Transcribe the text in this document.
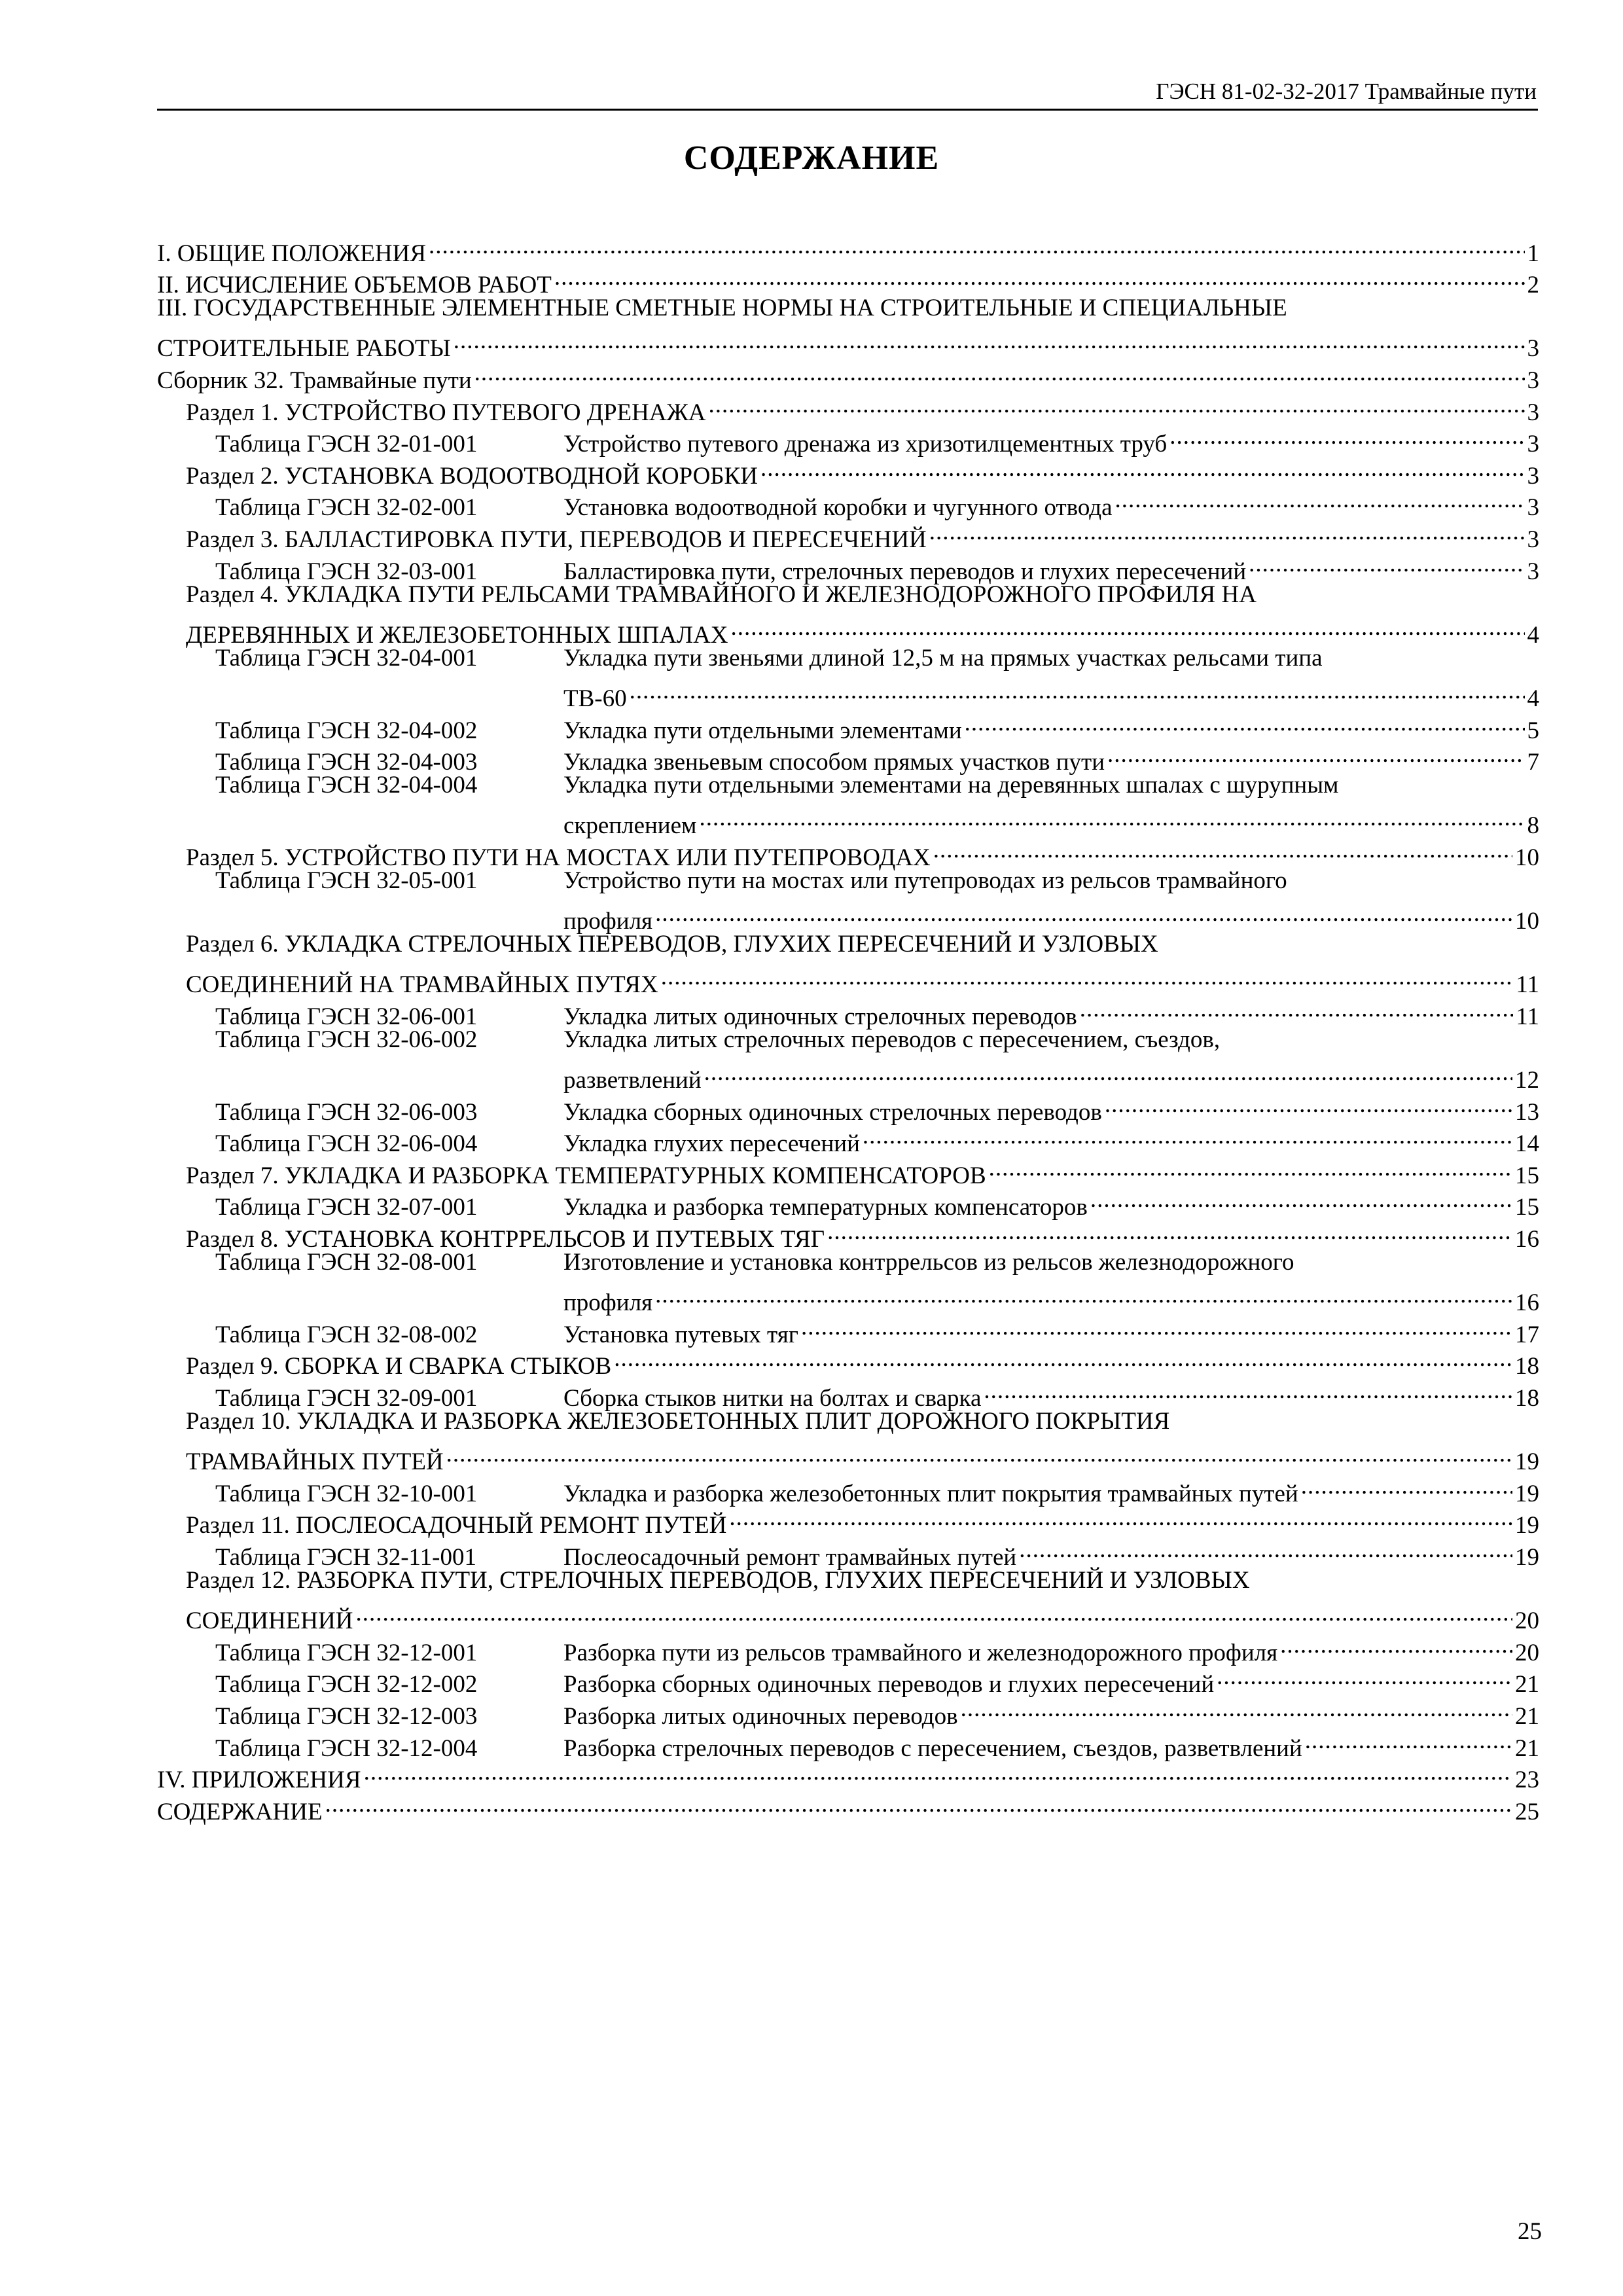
ГЭСН 81-02-32-2017 Трамвайные пути
СОДЕРЖАНИЕ
I. ОБЩИЕ ПОЛОЖЕНИЯ .....	1
II. ИСЧИСЛЕНИЕ ОБЪЕМОВ РАБОТ .....	2
III. ГОСУДАРСТВЕННЫЕ ЭЛЕМЕНТНЫЕ СМЕТНЫЕ НОРМЫ НА СТРОИТЕЛЬНЫЕ И СПЕЦИАЛЬНЫЕ
СТРОИТЕЛЬНЫЕ РАБОТЫ .....	3
Сборник 32. Трамвайные пути .....	3
Раздел 1. УСТРОЙСТВО ПУТЕВОГО ДРЕНАЖА .....	3
Таблица ГЭСН 32-01-001	Устройство путевого дренажа из хризотилцементных труб .....	3
Раздел 2. УСТАНОВКА ВОДООТВОДНОЙ КОРОБКИ .....	3
Таблица ГЭСН 32-02-001	Установка водоотводной коробки и чугунного отвода .....	3
Раздел 3. БАЛЛАСТИРОВКА ПУТИ, ПЕРЕВОДОВ И ПЕРЕСЕЧЕНИЙ .....	3
Таблица ГЭСН 32-03-001	Балластировка пути, стрелочных переводов и глухих пересечений .....	3
Раздел 4. УКЛАДКА ПУТИ РЕЛЬСАМИ ТРАМВАЙНОГО И ЖЕЛЕЗНОДОРОЖНОГО ПРОФИЛЯ НА
ДЕРЕВЯННЫХ И ЖЕЛЕЗОБЕТОННЫХ ШПАЛАХ .....	4
Таблица ГЭСН 32-04-001	Укладка пути звеньями длиной 12,5 м на прямых участках рельсами типа
ТВ-60 .....	4
Таблица ГЭСН 32-04-002	Укладка пути отдельными элементами .....	5
Таблица ГЭСН 32-04-003	Укладка звеньевым способом прямых участков пути .....	7
Таблица ГЭСН 32-04-004	Укладка пути отдельными элементами на деревянных шпалах с шурупным
скреплением .....	8
Раздел 5. УСТРОЙСТВО ПУТИ НА МОСТАХ ИЛИ ПУТЕПРОВОДАХ .....	10
Таблица ГЭСН 32-05-001	Устройство пути на мостах или путепроводах из рельсов трамвайного
профиля .....	10
Раздел 6. УКЛАДКА СТРЕЛОЧНЫХ ПЕРЕВОДОВ, ГЛУХИХ ПЕРЕСЕЧЕНИЙ И УЗЛОВЫХ
СОЕДИНЕНИЙ НА ТРАМВАЙНЫХ ПУТЯХ .....	11
Таблица ГЭСН 32-06-001	Укладка литых одиночных стрелочных переводов .....	11
Таблица ГЭСН 32-06-002	Укладка литых стрелочных переводов с пересечением, съездов,
разветвлений .....	12
Таблица ГЭСН 32-06-003	Укладка сборных одиночных стрелочных переводов .....	13
Таблица ГЭСН 32-06-004	Укладка глухих пересечений .....	14
Раздел 7. УКЛАДКА И РАЗБОРКА ТЕМПЕРАТУРНЫХ КОМПЕНСАТОРОВ .....	15
Таблица ГЭСН 32-07-001	Укладка и разборка температурных компенсаторов .....	15
Раздел 8. УСТАНОВКА КОНТРРЕЛЬСОВ И ПУТЕВЫХ ТЯГ .....	16
Таблица ГЭСН 32-08-001	Изготовление и установка контррельсов из рельсов железнодорожного
профиля .....	16
Таблица ГЭСН 32-08-002	Установка путевых тяг .....	17
Раздел 9. СБОРКА И СВАРКА СТЫКОВ .....	18
Таблица ГЭСН 32-09-001	Сборка стыков нитки на болтах и сварка .....	18
Раздел 10. УКЛАДКА И РАЗБОРКА ЖЕЛЕЗОБЕТОННЫХ ПЛИТ ДОРОЖНОГО ПОКРЫТИЯ
ТРАМВАЙНЫХ ПУТЕЙ .....	19
Таблица ГЭСН 32-10-001	Укладка и разборка железобетонных плит покрытия трамвайных путей .....	19
Раздел 11. ПОСЛЕОСАДОЧНЫЙ РЕМОНТ ПУТЕЙ .....	19
Таблица ГЭСН 32-11-001	Послеосадочный ремонт трамвайных путей .....	19
Раздел 12. РАЗБОРКА ПУТИ, СТРЕЛОЧНЫХ ПЕРЕВОДОВ, ГЛУХИХ ПЕРЕСЕЧЕНИЙ И УЗЛОВЫХ
СОЕДИНЕНИЙ .....	20
Таблица ГЭСН 32-12-001	Разборка пути из рельсов трамвайного и железнодорожного профиля .....	20
Таблица ГЭСН 32-12-002	Разборка сборных одиночных переводов и глухих пересечений .....	21
Таблица ГЭСН 32-12-003	Разборка литых одиночных переводов .....	21
Таблица ГЭСН 32-12-004	Разборка стрелочных переводов с пересечением, съездов, разветвлений .....	21
IV. ПРИЛОЖЕНИЯ .....	23
СОДЕРЖАНИЕ .....	25
25
